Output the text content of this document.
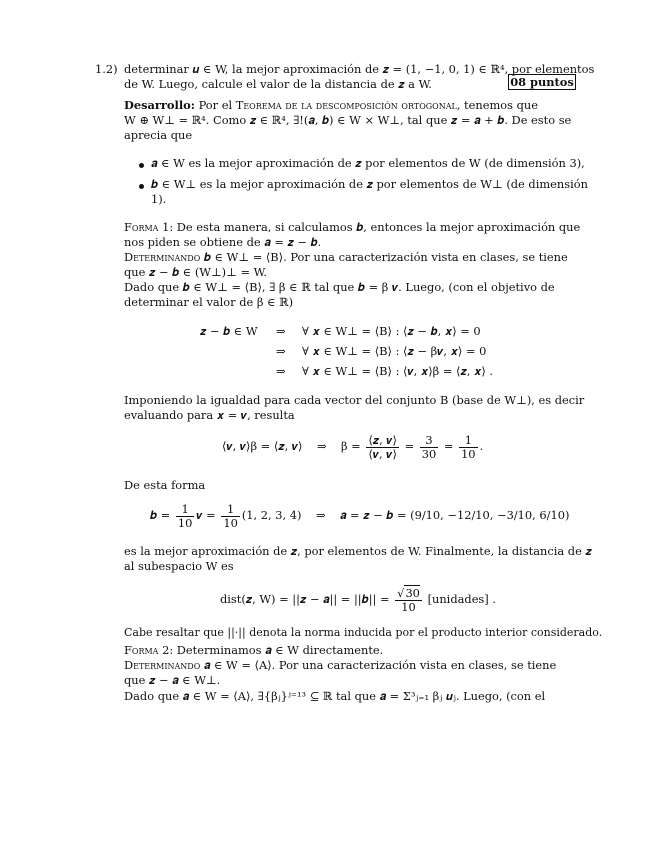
1.2) determinar 𝒖 ∈ W, la mejor aproximación de 𝒛 = (1, −1, 0, 1) ∈ ℝ⁴, por elementos
de W. Luego, calcule el valor de la distancia de 𝒛 a W.	08 puntos
Desarrollo: Por el Teorema de la descomposición ortogonal, tenemos que
W ⊕ W⊥ = ℝ⁴. Como 𝒛 ∈ ℝ⁴, ∃!(𝒂, 𝒃) ∈ W × W⊥, tal que 𝒛 = 𝒂 + 𝒃. De esto se
aprecia que
𝒂 ∈ W es la mejor aproximación de 𝒛 por elementos de W (de dimensión 3),
𝒃 ∈ W⊥ es la mejor aproximación de 𝒛 por elementos de W⊥ (de dimensión
1).
Forma 1: De esta manera, si calculamos 𝒃, entonces la mejor aproximación que
nos piden se obtiene de 𝒂 = 𝒛 − 𝒃.
Determinando 𝒃 ∈ W⊥ = ⟨B⟩. Por una caracterización vista en clases, se tiene
que 𝒛 − 𝒃 ∈ (W⊥)⊥ = W.
Dado que 𝒃 ∈ W⊥ = ⟨B⟩, ∃ β ∈ ℝ tal que 𝒃 = β 𝒗. Luego, (con el objetivo de
determinar el valor de β ∈ ℝ)
𝒛 − 𝒃 ∈ W ⇒ ∀ 𝒙 ∈ W⊥ = ⟨B⟩ : ⟨𝒛 − 𝒃, 𝒙⟩ = 0
⇒ ∀ 𝒙 ∈ W⊥ = ⟨B⟩ : ⟨𝒛 − β𝒗, 𝒙⟩ = 0
⇒ ∀ 𝒙 ∈ W⊥ = ⟨B⟩ : ⟨𝒗, 𝒙⟩β = ⟨𝒛, 𝒙⟩ .
Imponiendo la igualdad para cada vector del conjunto B (base de W⊥), es decir
evaluando para 𝒙 = 𝒗, resulta
⟨𝒗, 𝒗⟩β = ⟨𝒛, 𝒗⟩ ⇒ $\beta = \frac{\text{⟨𝒛, 𝒗⟩}}{\text{⟨𝒗, 𝒗⟩}} = \frac{3}{30} = \frac{1}{10}$ .
De esta forma
𝒃 = $\frac{1}{10}$ 𝒗 = $\frac{1}{10} (1$, 2, 3, 4) ⇒ 𝒂 = 𝒛 − 𝒃 = (9/10, −12/10, −3/10, 6/10)
es la mejor aproximación de 𝒛, por elementos de W. Finalmente, la distancia de 𝒛
al subespacio W es
dist(𝒛, W) = ||𝒛 − 𝒂|| = ||𝒃|| = $\frac{√30}{10}$ [unidades] .
Cabe resaltar que ||·|| denota la norma inducida por el producto interior considerado.
Forma 2: Determinamos 𝒂 ∈ W directamente.
Determinando 𝒂 ∈ W = ⟨A⟩. Por una caracterización vista en clases, se tiene
que 𝒛 − 𝒂 ∈ W⊥.
Dado que 𝒂 ∈ W = ⟨A⟩, ∃{βⱼ}ʲ⁼¹³ ⊆ ℝ tal que 𝒂 = Σ³ⱼ₌₁ βⱼ 𝒖ⱼ. Luego, (con el
